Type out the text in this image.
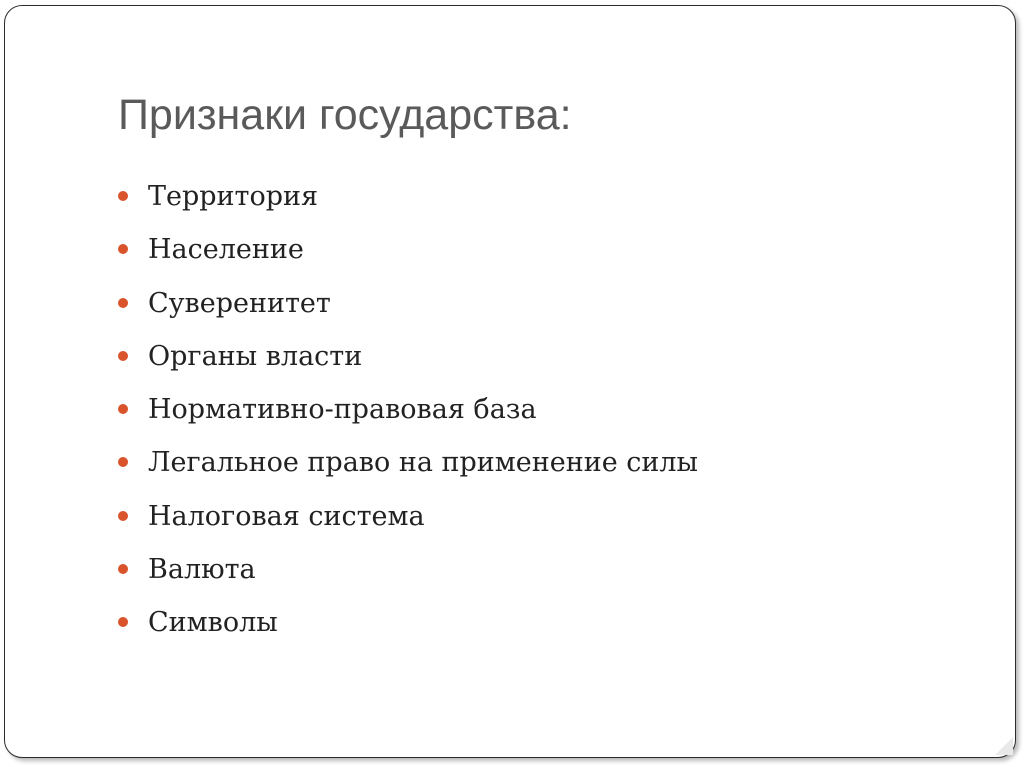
Признаки государства:
Территория
Население
Суверенитет
Органы власти
Нормативно-правовая база
Легальное право на применение силы
Налоговая система
Валюта
Символы
